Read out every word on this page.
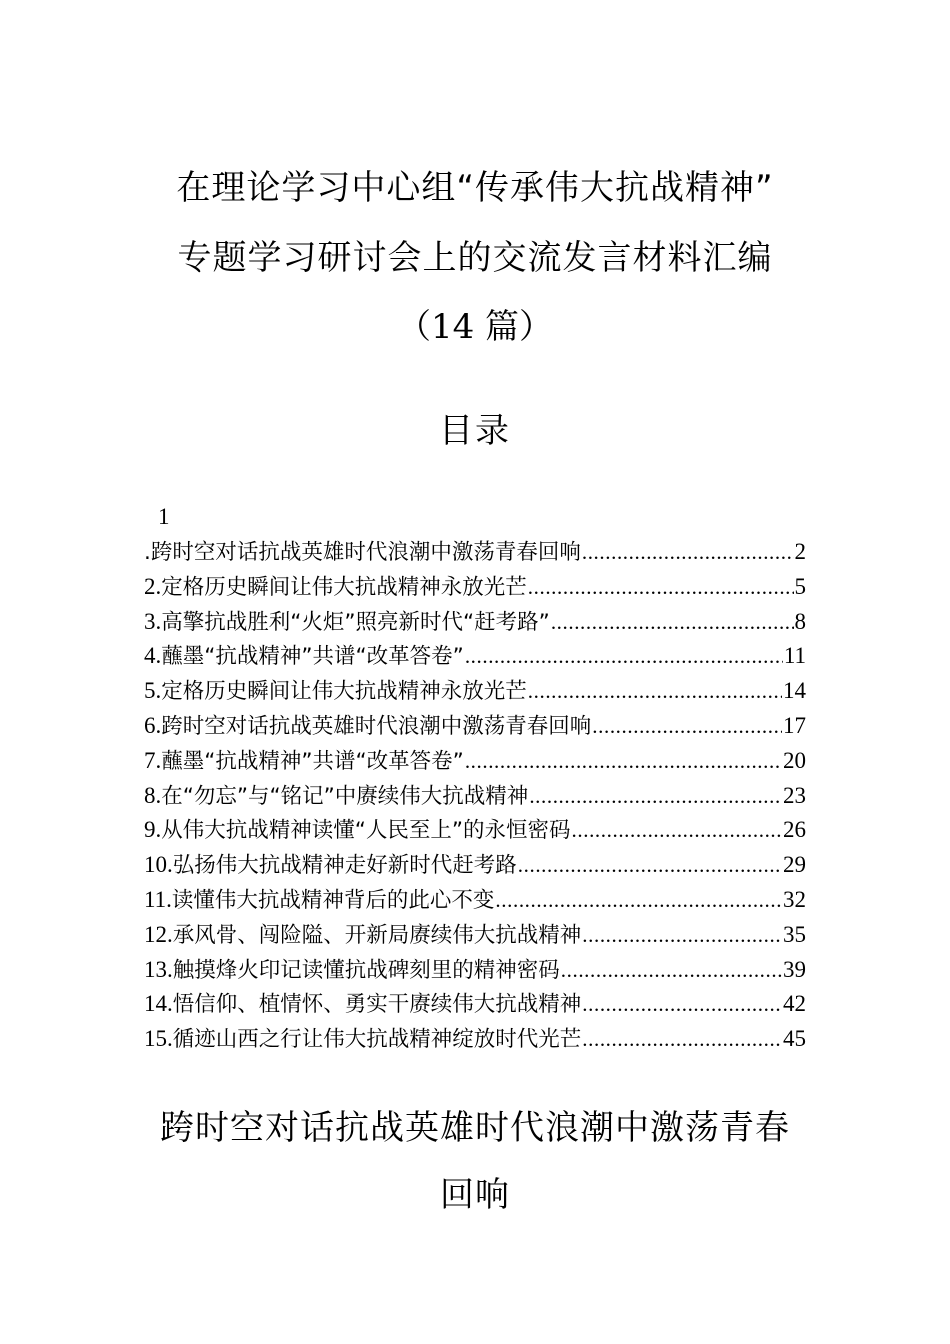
在理论学习中心组“传承伟大抗战精神”
专题学习研讨会上的交流发言材料汇编
（14 篇）
目录
1
.跨时空对话抗战英雄时代浪潮中激荡青春回响 .....	2
2. 定格历史瞬间让伟大抗战精神永放光芒 .....	5
3. 高擎抗战胜利“火炬”照亮新时代“赶考路” .....	8
4. 蘸墨“抗战精神”共谱“改革答卷” .....	11
5. 定格历史瞬间让伟大抗战精神永放光芒 .....	14
6. 跨时空对话抗战英雄时代浪潮中激荡青春回响 .....	17
7. 蘸墨“抗战精神”共谱“改革答卷” .....	20
8. 在“勿忘”与“铭记”中赓续伟大抗战精神 .....	23
9. 从伟大抗战精神读懂“人民至上”的永恒密码 .....	26
10. 弘扬伟大抗战精神走好新时代赶考路 .....	29
11. 读懂伟大抗战精神背后的此心不变 .....	32
12. 承风骨、闯险隘、开新局赓续伟大抗战精神 .....	35
13. 触摸烽火印记读懂抗战碑刻里的精神密码 .....	39
14. 悟信仰、植情怀、勇实干赓续伟大抗战精神 .....	42
15. 循迹山西之行让伟大抗战精神绽放时代光芒 .....	45
跨时空对话抗战英雄时代浪潮中激荡青春
回响
